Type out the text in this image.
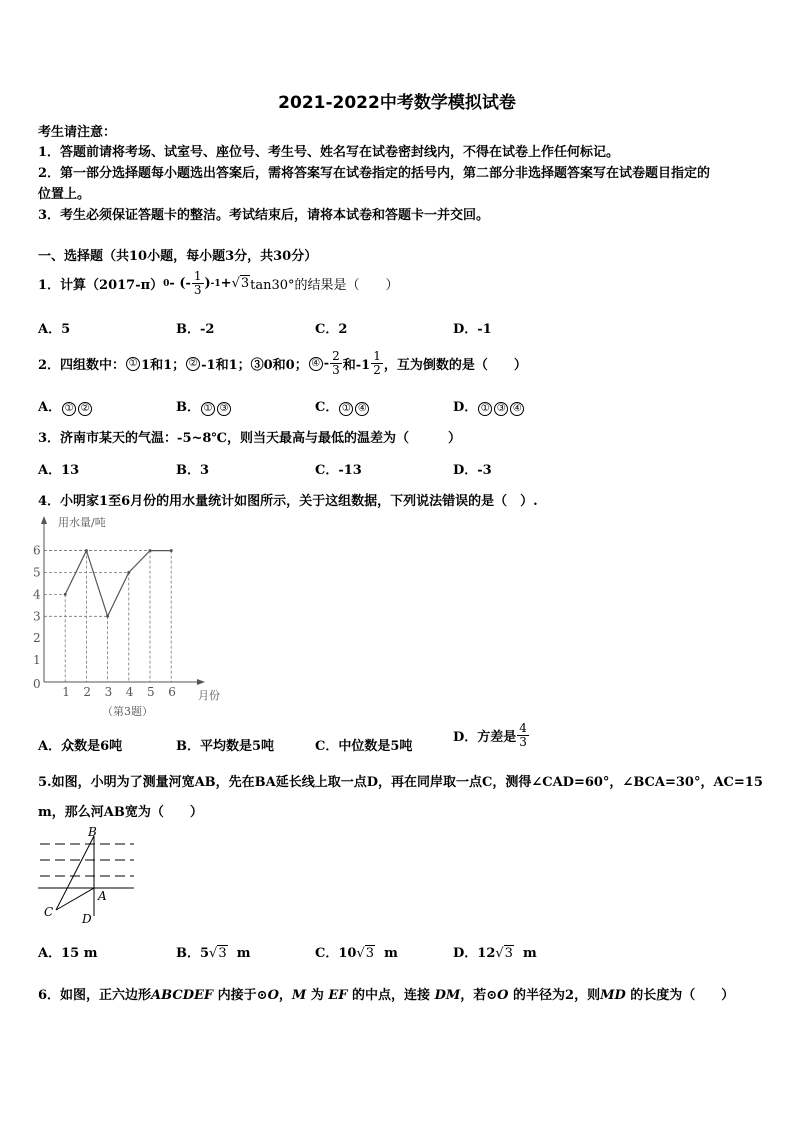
2021-2022中考数学模拟试卷
考生请注意：
1．答题前请将考场、试室号、座位号、考生号、姓名写在试卷密封线内，不得在试卷上作任何标记。
2．第一部分选择题每小题选出答案后，需将答案写在试卷指定的括号内，第二部分非选择题答案写在试卷题目指定的
位置上。
3．考生必须保证答题卡的整洁。考试结束后，请将本试卷和答题卡一并交回。
一、选择题（共10小题，每小题3分，共30分）
1．计算（2017-π） 0 - (- $\frac{1}{3}$ ) -1 + √3 tan30°的结果是（　　）
A．5	B．-2	C．2	D．-1
2．四组数中： ① 1和1； ② -1和1；③0和0； ④ - $\frac{2}{3}$ 和$-1 \frac{1}{2}$ ，互为倒数的是（　　）
A． ① ②	B． ① ③	C． ① ④	D． ① ③ ④
3．济南市某天的气温：-5~8℃，则当天最高与最低的温差为（　　　）
A．13	B．3	C．-13	D．-3
4．小明家1至6月份的用水量统计如图所示，关于这组数据，下列说法错误的是（　）.
用水量/吨
月份
（第3题）
0
1
2
3
4
5
6
1 2 3 4 5 6
A．众数是6吨	B．平均数是5吨	C．中位数是5吨
D．方差是 $\frac{4}{3}$
5.如图，小明为了测量河宽AB，先在BA延长线上取一点D，再在同岸取一点C，测得∠CAD=60°，∠BCA=30°，AC=15
m，那么河AB宽为（　　）
B
A
C D
A．15 m	B．5√3 m	C．10√3 m	D．12√3 m
6．如图，正六边形ABCDEF 内接于⊙O，M 为 EF 的中点，连接 DM，若⊙O 的半径为2，则MD 的长度为（　　）
